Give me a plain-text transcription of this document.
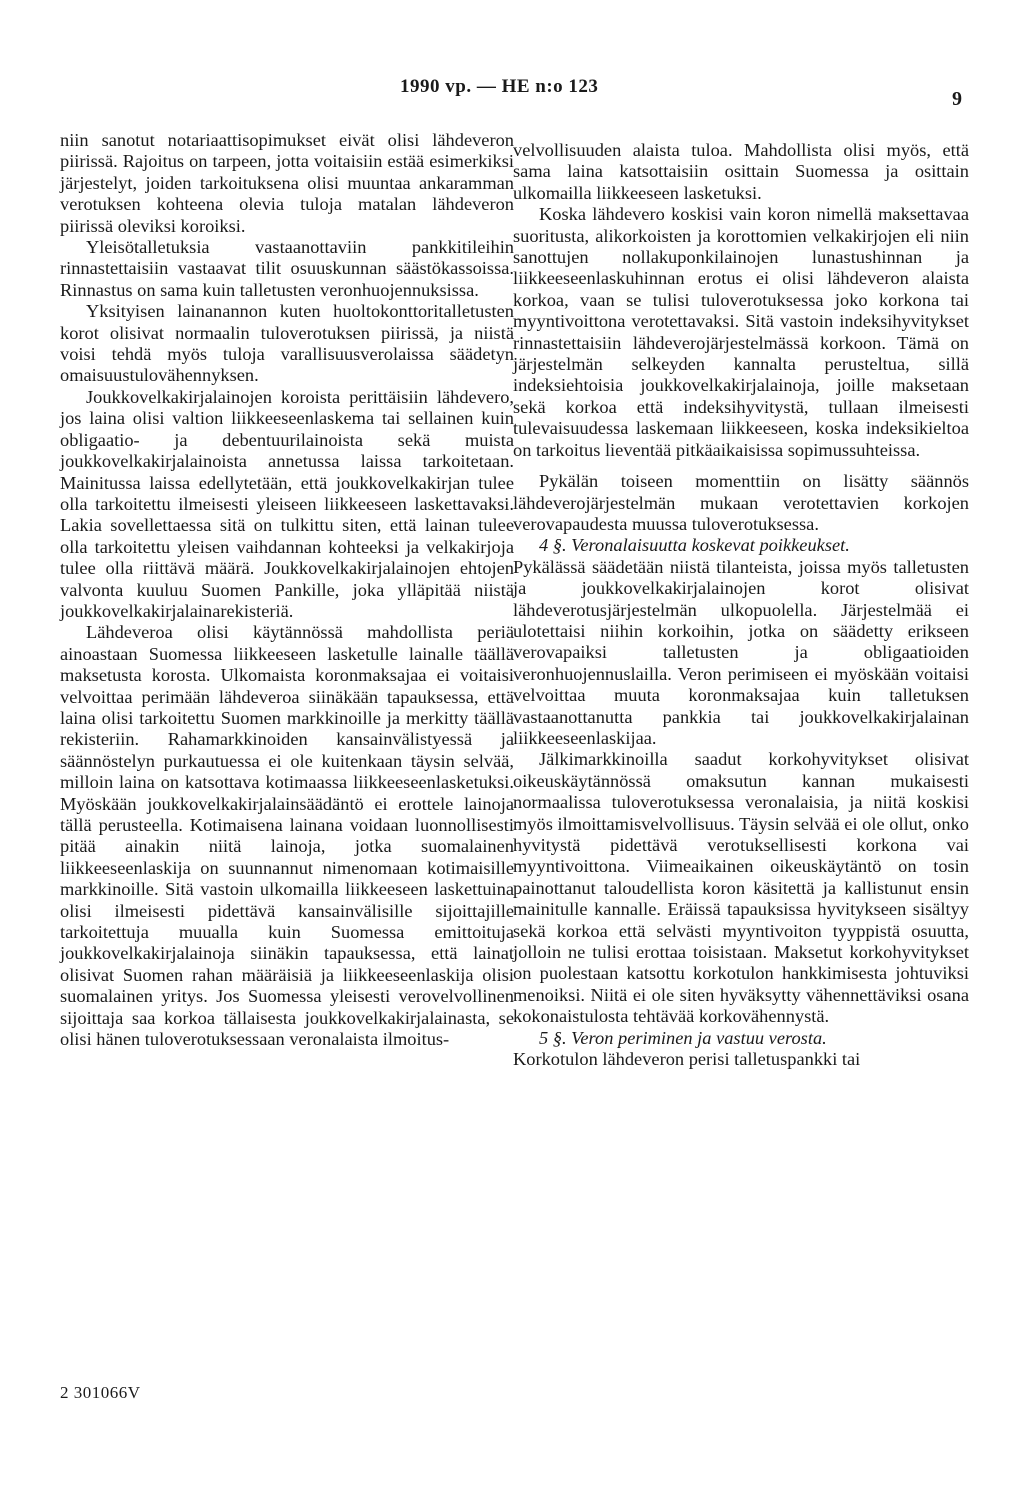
1990 vp. — HE n:o 123
9

niin sanotut notariaattisopimukset eivät olisi lähdeveron piirissä. Rajoitus on tarpeen, jotta voitaisiin estää esimerkiksi järjestelyt, joiden tarkoituksena olisi muuntaa ankaramman verotuksen kohteena olevia tuloja matalan lähdeveron piirissä oleviksi koroiksi.

Yleisötalletuksia vastaanottaviin pankkitileihin rinnastettaisiin vastaavat tilit osuuskunnan säästökassoissa. Rinnastus on sama kuin talletusten veronhuojennuksissa.

Yksityisen lainanannon kuten huoltokonttoritalletusten korot olisivat normaalin tuloverotuksen piirissä, ja niistä voisi tehdä myös tuloja varallisuusverolaissa säädetyn omaisuustulovähennyksen.

Joukkovelkakirjalainojen koroista perittäisiin lähdevero, jos laina olisi valtion liikkeeseenlaskema tai sellainen kuin obligaatio- ja debentuurilainoista sekä muista joukkovelkakirjalainoista annetussa laissa tarkoitetaan. Mainitussa laissa edellytetään, että joukkovelkakirjan tulee olla tarkoitettu ilmeisesti yleiseen liikkeeseen laskettavaksi. Lakia sovellettaessa sitä on tulkittu siten, että lainan tulee olla tarkoitettu yleisen vaihdannan kohteeksi ja velkakirjoja tulee olla riittävä määrä. Joukkovelkakirjalainojen ehtojen valvonta kuuluu Suomen Pankille, joka ylläpitää niistä joukkovelkakirjalainarekisteriä.

Lähdeveroa olisi käytännössä mahdollista periä ainoastaan Suomessa liikkeeseen lasketulle lainalle täällä maksetusta korosta. Ulkomaista koronmaksajaa ei voitaisi velvoittaa perimään lähdeveroa siinäkään tapauksessa, että laina olisi tarkoitettu Suomen markkinoille ja merkitty täällä rekisteriin. Rahamarkkinoiden kansainvälistyessä ja säännöstelyn purkautuessa ei ole kuitenkaan täysin selvää, milloin laina on katsottava kotimaassa liikkeeseenlasketuksi. Myöskään joukkovelkakirjalainsäädäntö ei erottele lainoja tällä perusteella. Kotimaisena lainana voidaan luonnollisesti pitää ainakin niitä lainoja, jotka suomalainen liikkeeseenlaskija on suunnannut nimenomaan kotimaisille markkinoille. Sitä vastoin ulkomailla liikkeeseen laskettuina olisi ilmeisesti pidettävä kansainvälisille sijoittajille tarkoitettuja muualla kuin Suomessa emittoituja joukkovelkakirjalainoja siinäkin tapauksessa, että lainat olisivat Suomen rahan määräisiä ja liikkeeseenlaskija olisi suomalainen yritys. Jos Suomessa yleisesti verovelvollinen sijoittaja saa korkoa tällaisesta joukkovelkakirjalainasta, se olisi hänen tuloverotuksessaan veronalaista ilmoitus-

velvollisuuden alaista tuloa. Mahdollista olisi myös, että sama laina katsottaisiin osittain Suomessa ja osittain ulkomailla liikkeeseen lasketuksi.

Koska lähdevero koskisi vain koron nimellä maksettavaa suoritusta, alikorkoisten ja korottomien velkakirjojen eli niin sanottujen nollakuponkilainojen lunastushinnan ja liikkeeseenlaskuhinnan erotus ei olisi lähdeveron alaista korkoa, vaan se tulisi tuloverotuksessa joko korkona tai myyntivoittona verotettavaksi. Sitä vastoin indeksihyvitykset rinnastettaisiin lähdeverojärjestelmässä korkoon. Tämä on järjestelmän selkeyden kannalta perusteltua, sillä indeksiehtoisia joukkovelkakirjalainoja, joille maksetaan sekä korkoa että indeksihyvitystä, tullaan ilmeisesti tulevaisuudessa laskemaan liikkeeseen, koska indeksikieltoa on tarkoitus lieventää pitkäaikaisissa sopimussuhteissa.

Pykälän toiseen momenttiin on lisätty säännös lähdeverojärjestelmän mukaan verotettavien korkojen verovapaudesta muussa tuloverotuksessa.

4 §. Veronalaisuutta koskevat poikkeukset.

Pykälässä säädetään niistä tilanteista, joissa myös talletusten ja joukkovelkakirjalainojen korot olisivat lähdeverotusjärjestelmän ulkopuolella. Järjestelmää ei ulotettaisi niihin korkoihin, jotka on säädetty erikseen verovapaiksi talletusten ja obligaatioiden veronhuojennuslailla. Veron perimiseen ei myöskään voitaisi velvoittaa muuta koronmaksajaa kuin talletuksen vastaanottanutta pankkia tai joukkovelkakirjalainan liikkeeseenlaskijaa.

Jälkimarkkinoilla saadut korkohyvitykset olisivat oikeuskäytännössä omaksutun kannan mukaisesti normaalissa tuloverotuksessa veronalaisia, ja niitä koskisi myös ilmoittamisvelvollisuus. Täysin selvää ei ole ollut, onko hyvitystä pidettävä verotuksellisesti korkona vai myyntivoittona. Viimeaikainen oikeuskäytäntö on tosin painottanut taloudellista koron käsitettä ja kallistunut ensin mainitulle kannalle. Eräissä tapauksissa hyvitykseen sisältyy sekä korkoa että selvästi myyntivoiton tyyppistä osuutta, jolloin ne tulisi erottaa toisistaan. Maksetut korkohyvitykset on puolestaan katsottu korkotulon hankkimisesta johtuviksi menoiksi. Niitä ei ole siten hyväksytty vähennettäviksi osana kokonaistulosta tehtävää korkovähennystä.

5 §. Veron periminen ja vastuu verosta.

Korkotulon lähdeveron perisi talletuspankki tai

2 301066V
